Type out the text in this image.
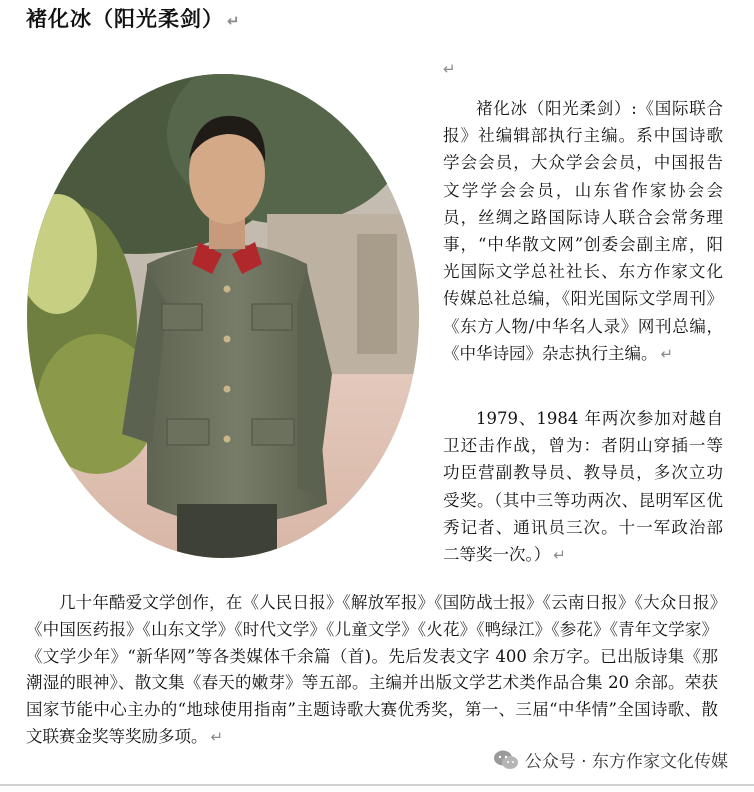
褚化冰（阳光柔剑） ↵
↵

褚化冰（阳光柔剑）:《国际联合报》社编辑部执行主编。系中国诗歌学会会员，大众学会会员，中国报告文学学会会员，山东省作家协会会员，丝绸之路国际诗人联合会常务理事，“中华散文网”创委会副主席，阳光国际文学总社社长、东方作家文化传媒总社总编，《阳光国际文学周刊》《东方人物/中华名人录》网刊总编，《中华诗园》杂志执行主编。 ↵

1979、1984 年两次参加对越自卫还击作战，曾为：者阴山穿插一等功臣营副教导员、教导员，多次立功受奖。（其中三等功两次、昆明军区优秀记者、通讯员三次。十一军政治部二等奖一次。） ↵

几十年酷爱文学创作，在《人民日报》《解放军报》《国防战士报》《云南日报》《大众日报》《中国医药报》《山东文学》《时代文学》《儿童文学》《火花》《鸭绿江》《参花》《青年文学家》《文学少年》“新华网”等各类媒体千余篇（首)。先后发表文字 400 余万字。已出版诗集《那潮湿的眼神》、散文集《春天的嫩芽》等五部。主编并出版文学艺术类作品合集 20 余部。荣获国家节能中心主办的“地球使用指南”主题诗歌大赛优秀奖，第一、三届“中华情”全国诗歌、散文联赛金奖等奖励多项。 ↵

公众号 · 东方作家文化传媒
